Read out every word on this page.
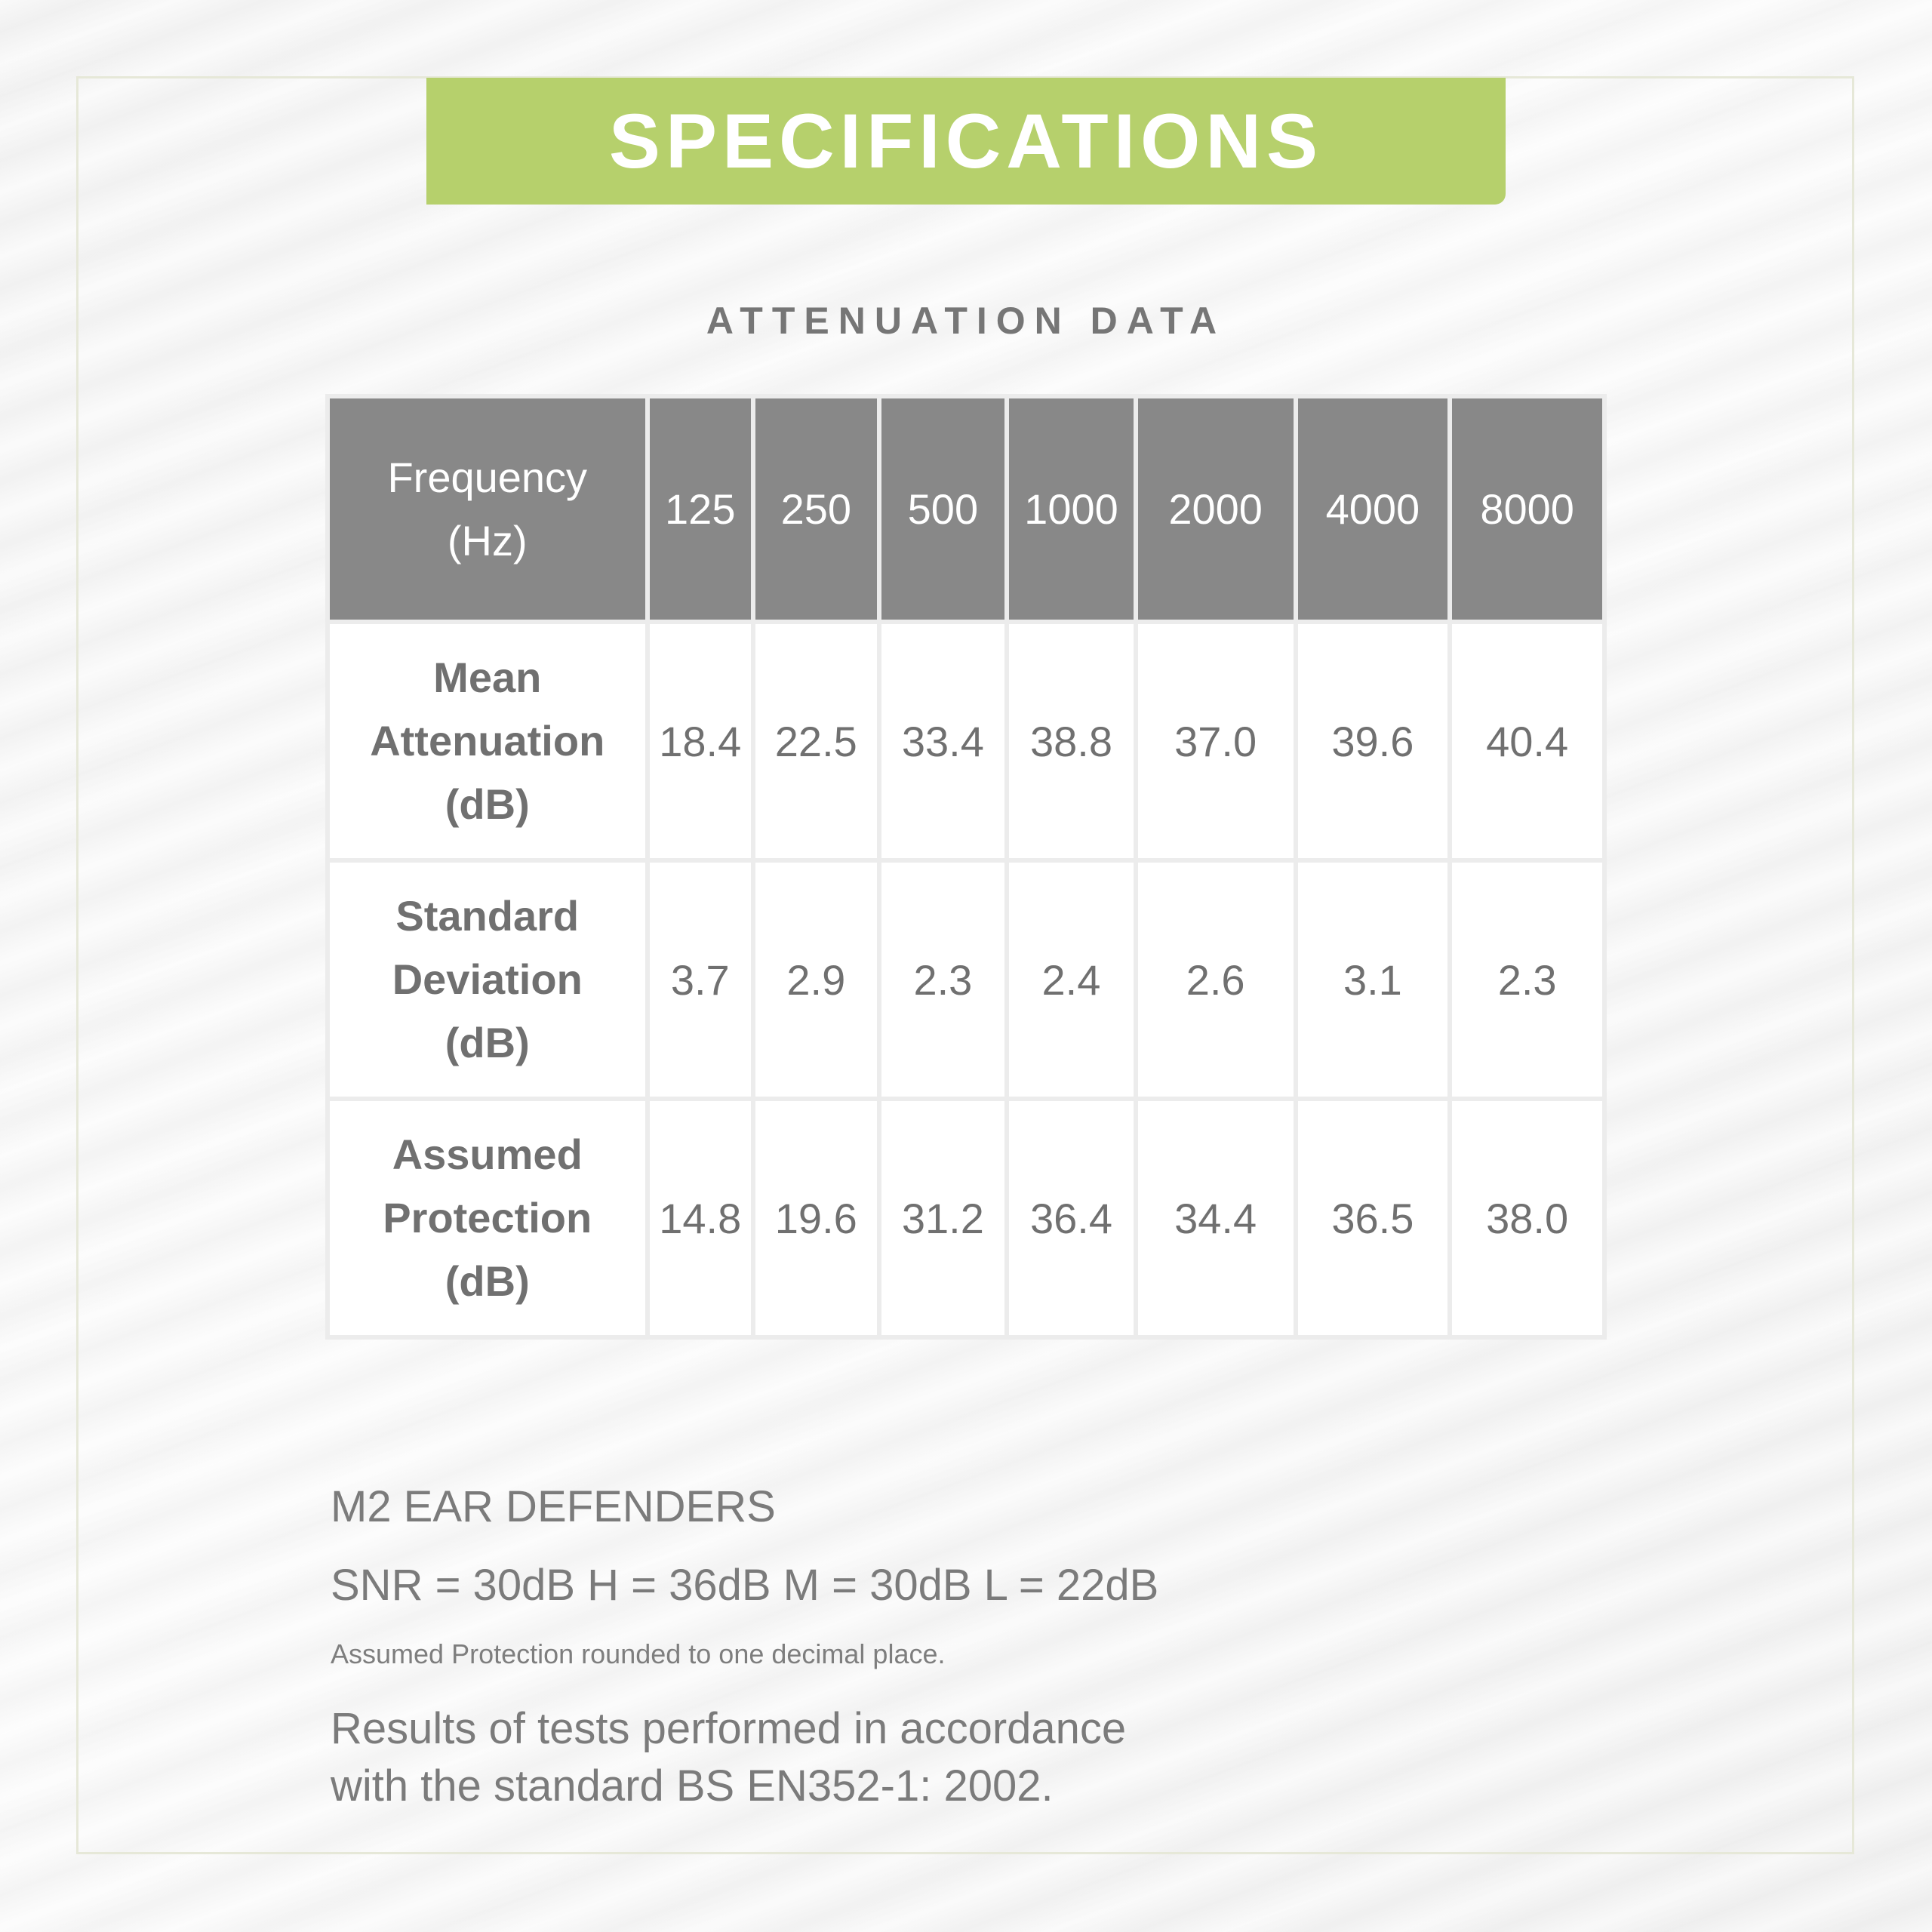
SPECIFICATIONS
ATTENUATION DATA
Frequency
(Hz)	125	250	500	1000	2000	4000	8000

Mean
Attenuation
(dB)	18.4	22.5	33.4	38.8	37.0	39.6	40.4

Standard
Deviation
(dB)	3.7	2.9	2.3	2.4	2.6	3.1	2.3

Assumed
Protection
(dB)	14.8	19.6	31.2	36.4	34.4	36.5	38.0
M2 EAR DEFENDERS
SNR = 30dB H = 36dB M = 30dB L = 22dB
Assumed Protection rounded to one decimal place.
Results of tests performed in accordance
with the standard BS EN352-1: 2002.
